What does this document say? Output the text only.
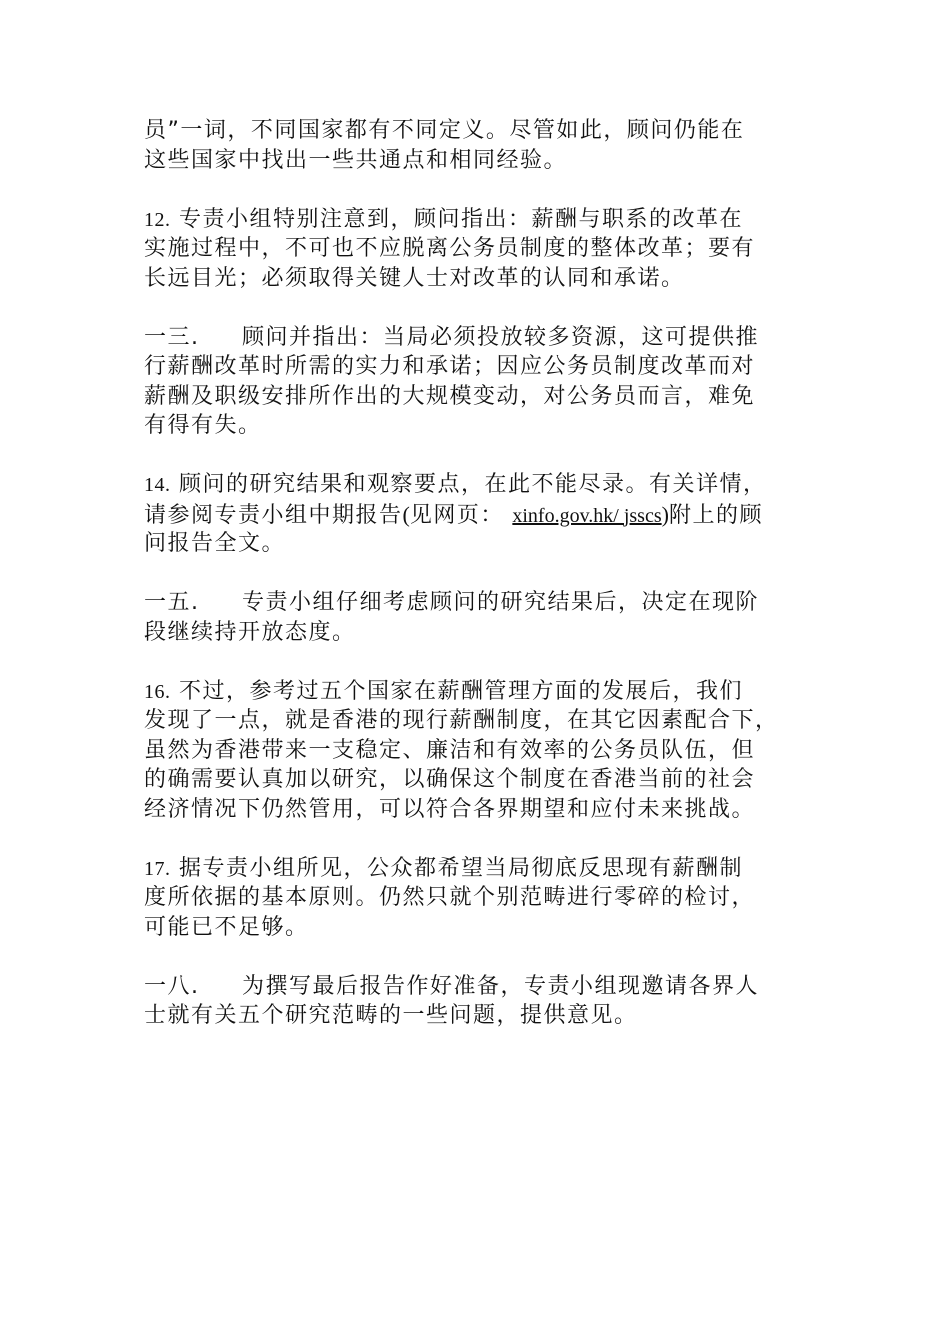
员”一词，不同国家都有不同定义。尽管如此，顾问仍能在
这些国家中找出一些共通点和相同经验。

12. 专责小组特别注意到，顾问指出：薪酬与职系的改革在
实施过程中，不可也不应脱离公务员制度的整体改革；要有
长远目光；必须取得关键人士对改革的认同和承诺。

一三. 顾问并指出：当局必须投放较多资源，这可提供推
行薪酬改革时所需的实力和承诺；因应公务员制度改革而对
薪酬及职级安排所作出的大规模变动，对公务员而言，难免
有得有失。

14. 顾问的研究结果和观察要点，在此不能尽录。有关详情，
请参阅专责小组中期报告(见网页： xinfo.gov.hk/ jsscs)附上的顾
问报告全文。

一五. 专责小组仔细考虑顾问的研究结果后，决定在现阶
段继续持开放态度。

16. 不过，参考过五个国家在薪酬管理方面的发展后，我们
发现了一点，就是香港的现行薪酬制度，在其它因素配合下，
虽然为香港带来一支稳定、廉洁和有效率的公务员队伍，但
的确需要认真加以研究，以确保这个制度在香港当前的社会
经济情况下仍然管用，可以符合各界期望和应付未来挑战。

17. 据专责小组所见，公众都希望当局彻底反思现有薪酬制
度所依据的基本原则。仍然只就个别范畴进行零碎的检讨，
可能已不足够。

一八. 为撰写最后报告作好准备，专责小组现邀请各界人
士就有关五个研究范畴的一些问题，提供意见。
